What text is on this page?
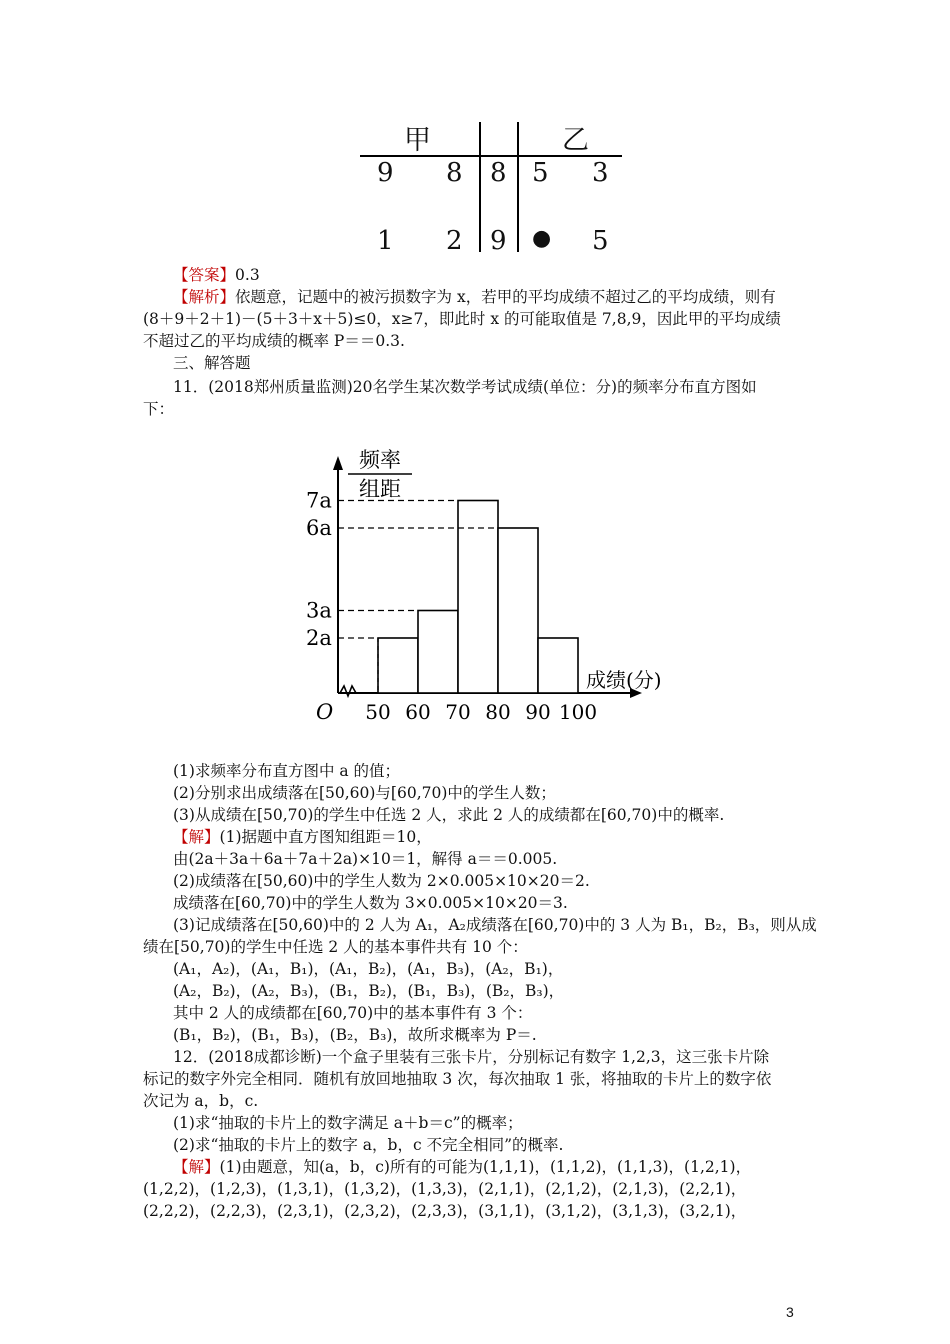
甲	乙
9 8 8 5 3
1 2 9 ● 5
【答案】0.3
【解析】依题意，记题中的被污损数字为 x，若甲的平均成绩不超过乙的平均成绩，则有
(8＋9＋2＋1)－(5＋3＋x＋5)≤0，x≥7，即此时 x 的可能取值是 7,8,9，因此甲的平均成绩
不超过乙的平均成绩的概率 P＝＝0.3.
三、解答题
11．(2018郑州质量监测)20名学生某次数学考试成绩(单位：分)的频率分布直方图如
下：
2a
3a
6a
7a
50 60 70 80 90 100
O
频率
组距
成绩(分)
(1)求频率分布直方图中 a 的值；
(2)分别求出成绩落在[50,60)与[60,70)中的学生人数；
(3)从成绩在[50,70)的学生中任选 2 人，求此 2 人的成绩都在[60,70)中的概率.
【解】(1)据题中直方图知组距＝10，
由(2a＋3a＋6a＋7a＋2a)×10＝1，解得 a＝＝0.005.
(2)成绩落在[50,60)中的学生人数为 2×0.005×10×20＝2.
成绩落在[60,70)中的学生人数为 3×0.005×10×20＝3.
(3)记成绩落在[50,60)中的 2 人为 A₁，A₂成绩落在[60,70)中的 3 人为 B₁，B₂，B₃，则从成
绩在[50,70)的学生中任选 2 人的基本事件共有 10 个：
(A₁，A₂)，(A₁，B₁)，(A₁，B₂)，(A₁，B₃)，(A₂，B₁)，
(A₂，B₂)，(A₂，B₃)，(B₁，B₂)，(B₁，B₃)，(B₂，B₃)，
其中 2 人的成绩都在[60,70)中的基本事件有 3 个：
(B₁，B₂)，(B₁，B₃)，(B₂，B₃)，故所求概率为 P＝.
12．(2018成都诊断)一个盒子里装有三张卡片，分别标记有数字 1,2,3，这三张卡片除
标记的数字外完全相同．随机有放回地抽取 3 次，每次抽取 1 张，将抽取的卡片上的数字依
次记为 a，b，c.
(1)求“抽取的卡片上的数字满足 a＋b＝c”的概率；
(2)求“抽取的卡片上的数字 a，b，c 不完全相同”的概率.
【解】(1)由题意，知(a，b，c)所有的可能为(1,1,1)，(1,1,2)，(1,1,3)，(1,2,1)，
(1,2,2)，(1,2,3)，(1,3,1)，(1,3,2)，(1,3,3)，(2,1,1)，(2,1,2)，(2,1,3)，(2,2,1)，
(2,2,2)，(2,2,3)，(2,3,1)，(2,3,2)，(2,3,3)，(3,1,1)，(3,1,2)，(3,1,3)，(3,2,1)，
3
